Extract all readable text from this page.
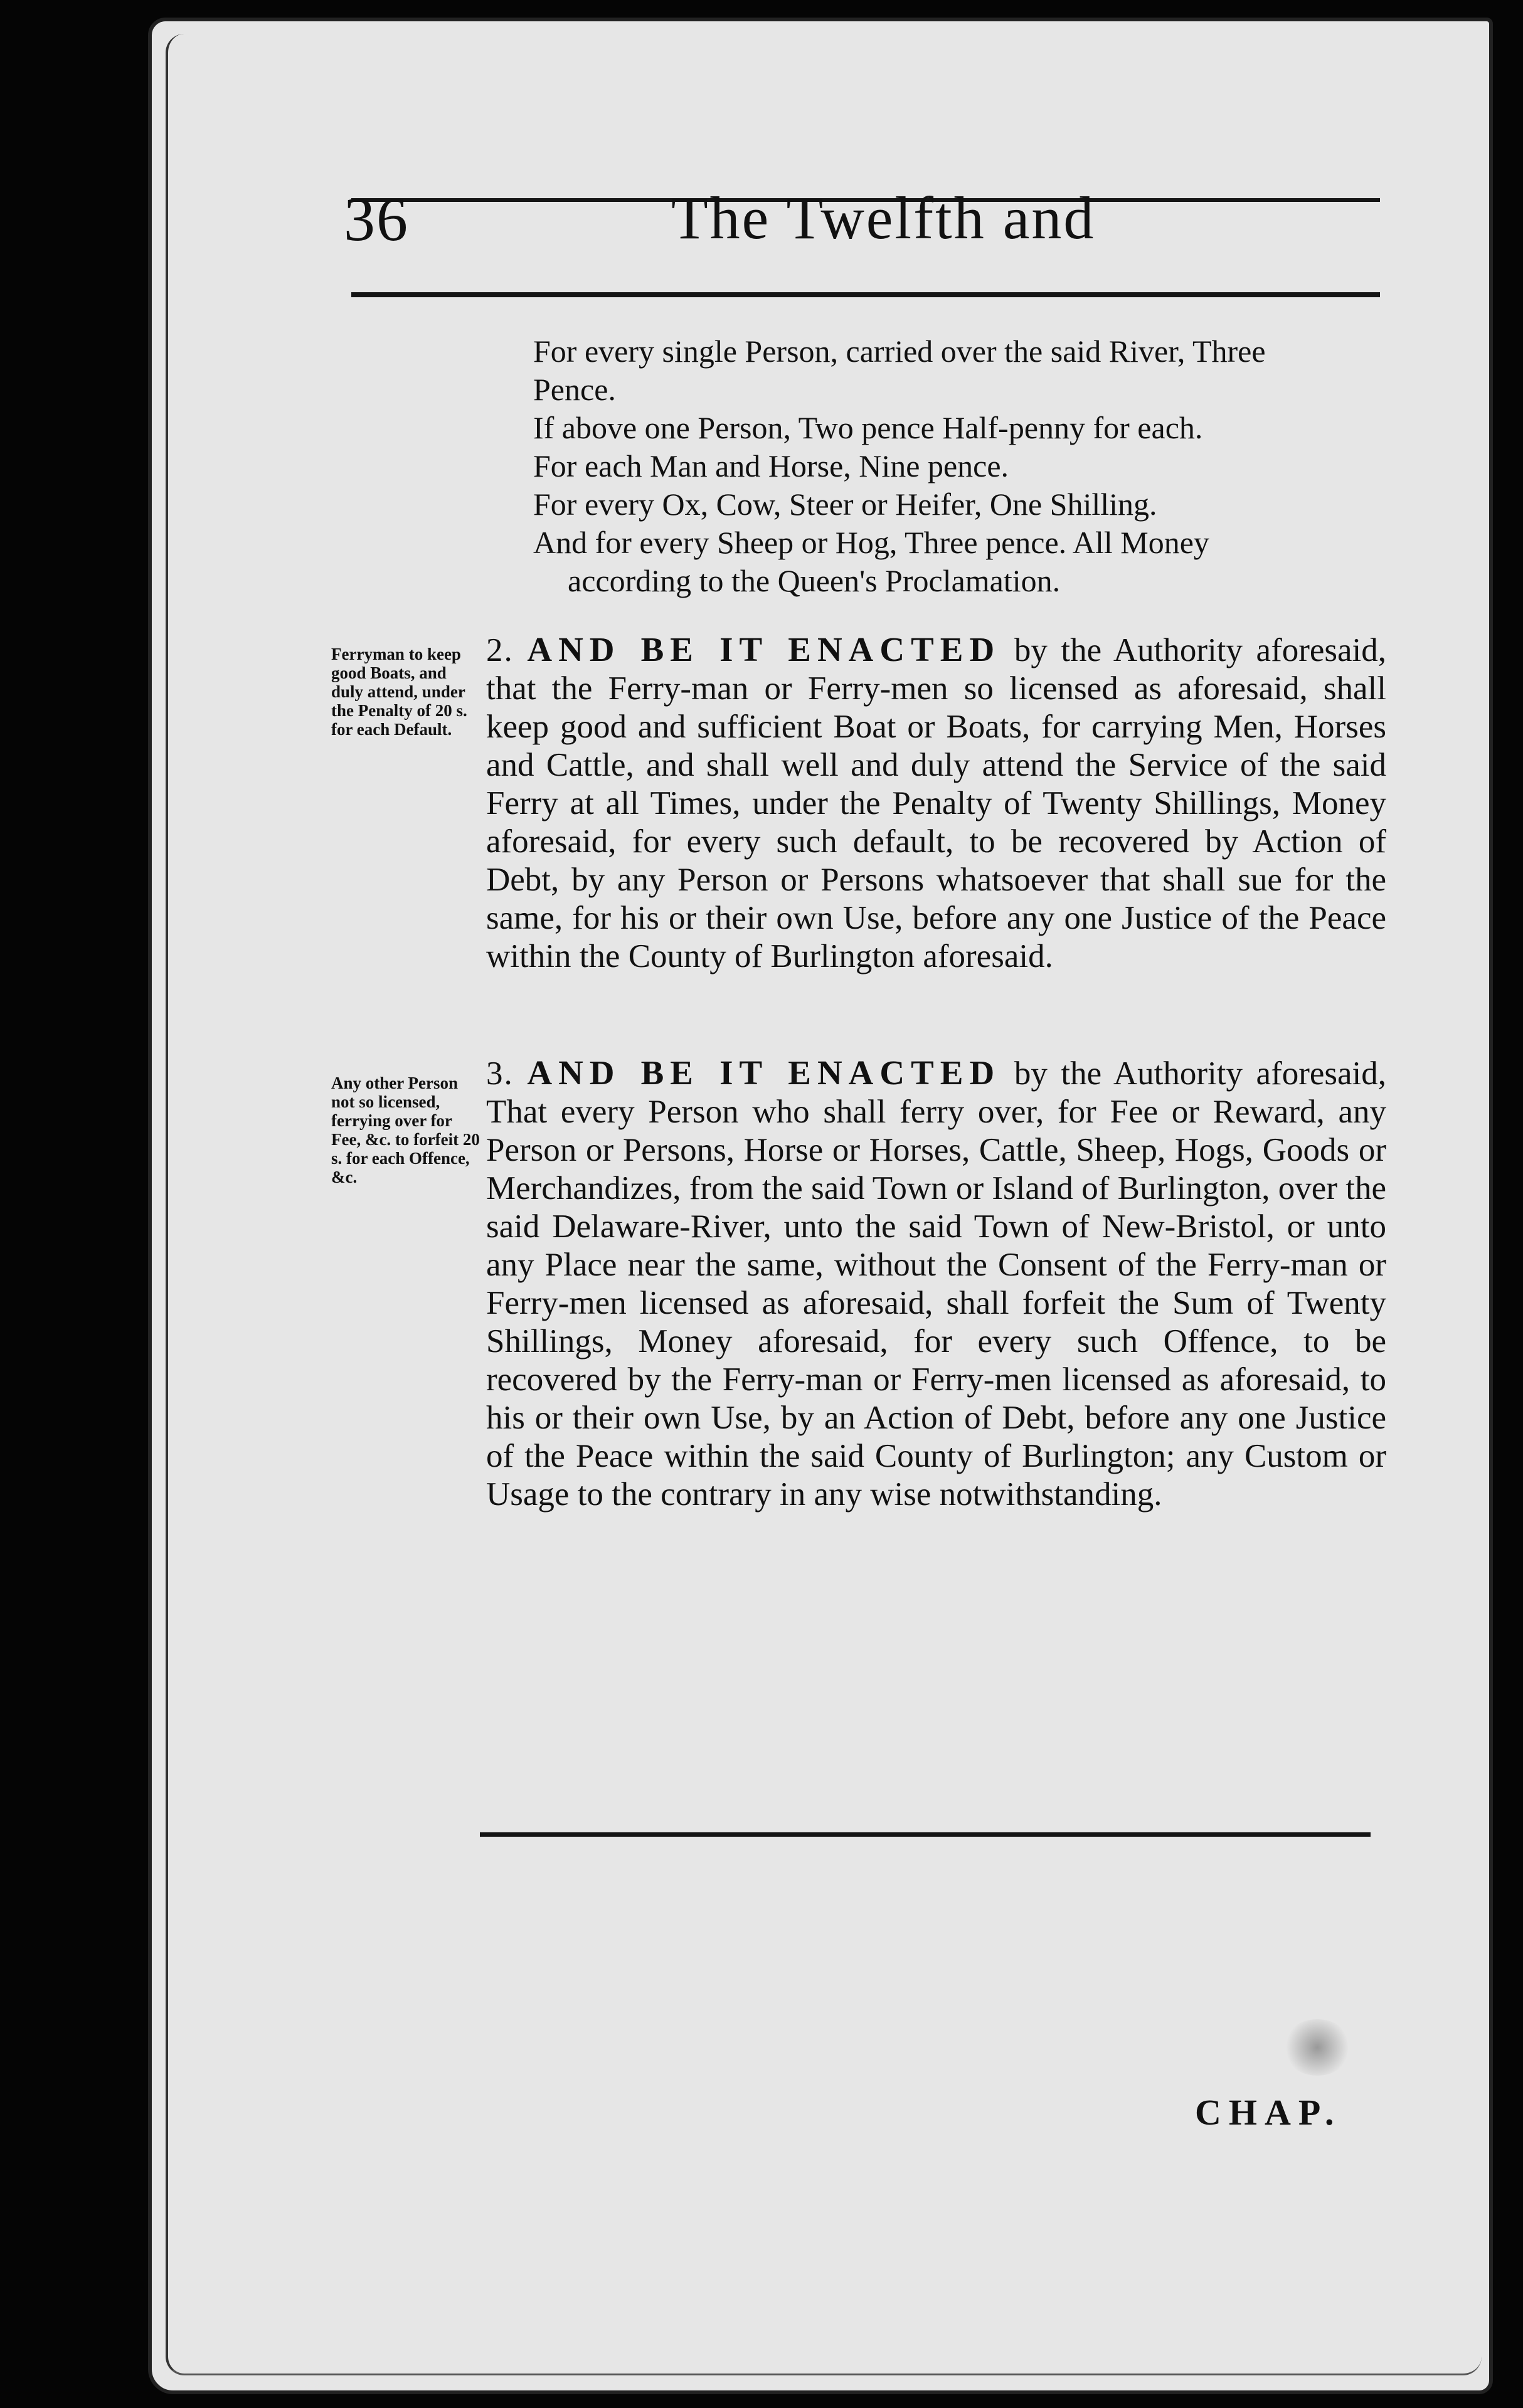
36	The Twelfth and
For every single Person, carried over the said River, Three
Pence.
If above one Person, Two pence Half-penny for each.
For each Man and Horse, Nine pence.
For every Ox, Cow, Steer or Heifer, One Shilling.
And for every Sheep or Hog, Three pence. All Money
according to the Queen's Proclamation.
Ferryman to keep good Boats, and duly attend, under the Penalty of 20 s. for each Default.
2. AND BE IT ENACTED by the Authority aforesaid, that the Ferry-man or Ferry-men so licensed as aforesaid, shall keep good and sufficient Boat or Boats, for carrying Men, Horses and Cattle, and shall well and duly attend the Service of the said Ferry at all Times, under the Penalty of Twenty Shillings, Money aforesaid, for every such default, to be recovered by Action of Debt, by any Person or Persons whatsoever that shall sue for the same, for his or their own Use, before any one Justice of the Peace within the County of Burlington aforesaid.
Any other Person not so licensed, ferrying over for Fee, &c. to forfeit 20 s. for each Offence, &c.
3. AND BE IT ENACTED by the Authority aforesaid, That every Person who shall ferry over, for Fee or Reward, any Person or Persons, Horse or Horses, Cattle, Sheep, Hogs, Goods or Merchandizes, from the said Town or Island of Burlington, over the said Delaware-River, unto the said Town of New-Bristol, or unto any Place near the same, without the Consent of the Ferry-man or Ferry-men licensed as aforesaid, shall forfeit the Sum of Twenty Shillings, Money aforesaid, for every such Offence, to be recovered by the Ferry-man or Ferry-men licensed as aforesaid, to his or their own Use, by an Action of Debt, before any one Justice of the Peace within the said County of Burlington; any Custom or Usage to the contrary in any wise notwithstanding.
CHAP.
